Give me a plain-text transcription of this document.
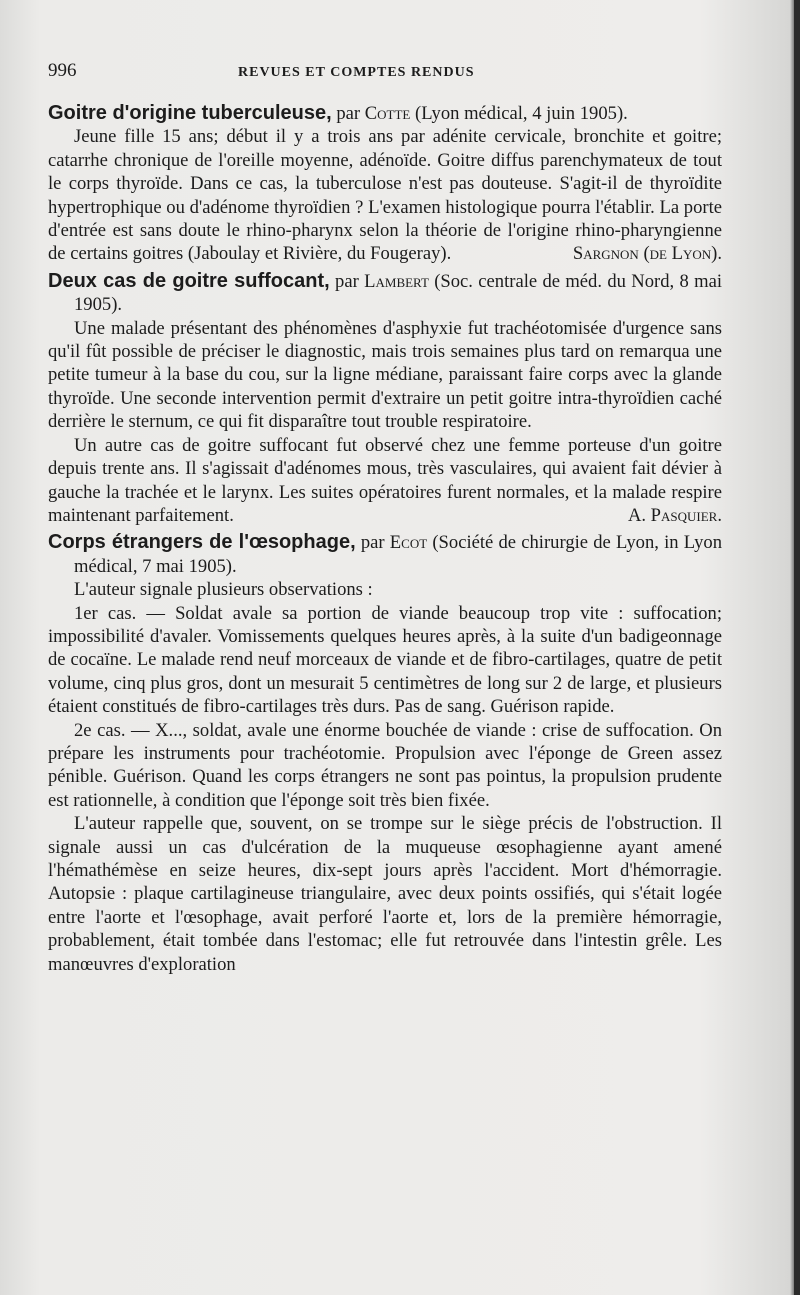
996	REVUES ET COMPTES RENDUS

Goitre d'origine tuberculeuse, par Cotte (Lyon médical, 4 juin 1905).

Jeune fille 15 ans; début il y a trois ans par adénite cervicale, bronchite et goitre; catarrhe chronique de l'oreille moyenne, adénoïde. Goitre diffus parenchymateux de tout le corps thyroïde. Dans ce cas, la tuberculose n'est pas douteuse. S'agit-il de thyroïdite hypertrophique ou d'adénome thyroïdien ? L'examen histologique pourra l'établir. La porte d'entrée est sans doute le rhino-pharynx selon la théorie de l'origine rhino-pharyngienne de certains goitres (Jaboulay et Rivière, du Fougeray).	Sargnon (de Lyon).

Deux cas de goitre suffocant, par Lambert (Soc. centrale de méd. du Nord, 8 mai 1905).

Une malade présentant des phénomènes d'asphyxie fut trachéotomisée d'urgence sans qu'il fût possible de préciser le diagnostic, mais trois semaines plus tard on remarqua une petite tumeur à la base du cou, sur la ligne médiane, paraissant faire corps avec la glande thyroïde. Une seconde intervention permit d'extraire un petit goitre intra-thyroïdien caché derrière le sternum, ce qui fit disparaître tout trouble respiratoire.

Un autre cas de goitre suffocant fut observé chez une femme porteuse d'un goitre depuis trente ans. Il s'agissait d'adénomes mous, très vasculaires, qui avaient fait dévier à gauche la trachée et le larynx. Les suites opératoires furent normales, et la malade respire maintenant parfaitement.	A. Pasquier.

Corps étrangers de l'œsophage, par Ecot (Société de chirurgie de Lyon, in Lyon médical, 7 mai 1905).

L'auteur signale plusieurs observations :

1er cas. — Soldat avale sa portion de viande beaucoup trop vite : suffocation; impossibilité d'avaler. Vomissements quelques heures après, à la suite d'un badigeonnage de cocaïne. Le malade rend neuf morceaux de viande et de fibro-cartilages, quatre de petit volume, cinq plus gros, dont un mesurait 5 centimètres de long sur 2 de large, et plusieurs étaient constitués de fibro-cartilages très durs. Pas de sang. Guérison rapide.

2e cas. — X..., soldat, avale une énorme bouchée de viande : crise de suffocation. On prépare les instruments pour trachéotomie. Propulsion avec l'éponge de Green assez pénible. Guérison. Quand les corps étrangers ne sont pas pointus, la propulsion prudente est rationnelle, à condition que l'éponge soit très bien fixée.

L'auteur rappelle que, souvent, on se trompe sur le siège précis de l'obstruction. Il signale aussi un cas d'ulcération de la muqueuse œsophagienne ayant amené l'hémathémèse en seize heures, dix-sept jours après l'accident. Mort d'hémorragie. Autopsie : plaque cartilagineuse triangulaire, avec deux points ossifiés, qui s'était logée entre l'aorte et l'œsophage, avait perforé l'aorte et, lors de la première hémorragie, probablement, était tombée dans l'estomac; elle fut retrouvée dans l'intestin grêle. Les manœuvres d'exploration
